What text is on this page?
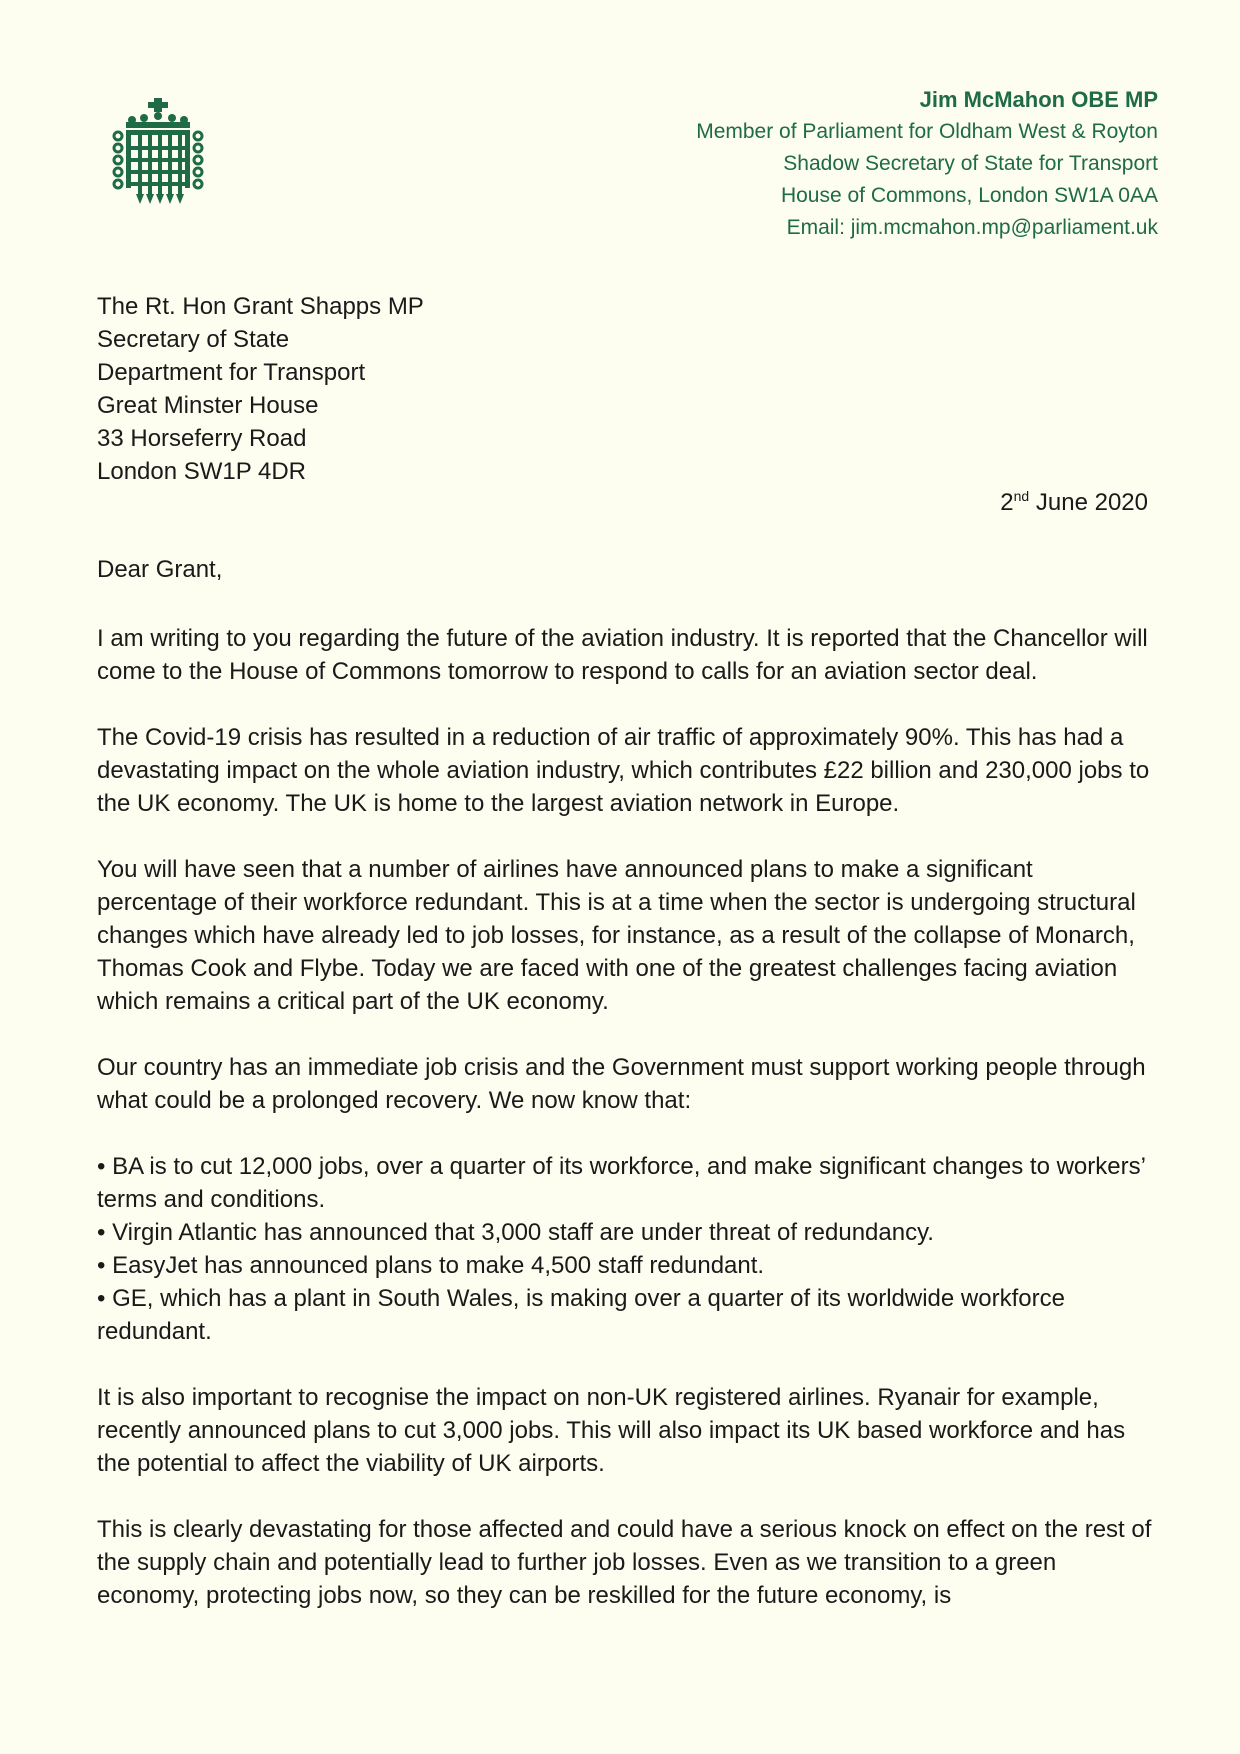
Jim McMahon OBE MP
Member of Parliament for Oldham West & Royton
Shadow Secretary of State for Transport
House of Commons, London SW1A 0AA
Email: jim.mcmahon.mp@parliament.uk
The Rt. Hon Grant Shapps MP
Secretary of State
Department for Transport
Great Minster House
33 Horseferry Road
London SW1P 4DR
2nd June 2020
Dear Grant,

I am writing to you regarding the future of the aviation industry. It is reported that the Chancellor will come to the House of Commons tomorrow to respond to calls for an aviation sector deal.

The Covid-19 crisis has resulted in a reduction of air traffic of approximately 90%. This has had a devastating impact on the whole aviation industry, which contributes £22 billion and 230,000 jobs to the UK economy. The UK is home to the largest aviation network in Europe.

You will have seen that a number of airlines have announced plans to make a significant percentage of their workforce redundant. This is at a time when the sector is undergoing structural changes which have already led to job losses, for instance, as a result of the collapse of Monarch, Thomas Cook and Flybe. Today we are faced with one of the greatest challenges facing aviation which remains a critical part of the UK economy.

Our country has an immediate job crisis and the Government must support working people through what could be a prolonged recovery. We now know that:

• BA is to cut 12,000 jobs, over a quarter of its workforce, and make significant changes to workers’ terms and conditions.
• Virgin Atlantic has announced that 3,000 staff are under threat of redundancy.
• EasyJet has announced plans to make 4,500 staff redundant.
• GE, which has a plant in South Wales, is making over a quarter of its worldwide workforce redundant.

It is also important to recognise the impact on non-UK registered airlines. Ryanair for example, recently announced plans to cut 3,000 jobs. This will also impact its UK based workforce and has the potential to affect the viability of UK airports.

This is clearly devastating for those affected and could have a serious knock on effect on the rest of the supply chain and potentially lead to further job losses. Even as we transition to a green economy, protecting jobs now, so they can be reskilled for the future economy, is
